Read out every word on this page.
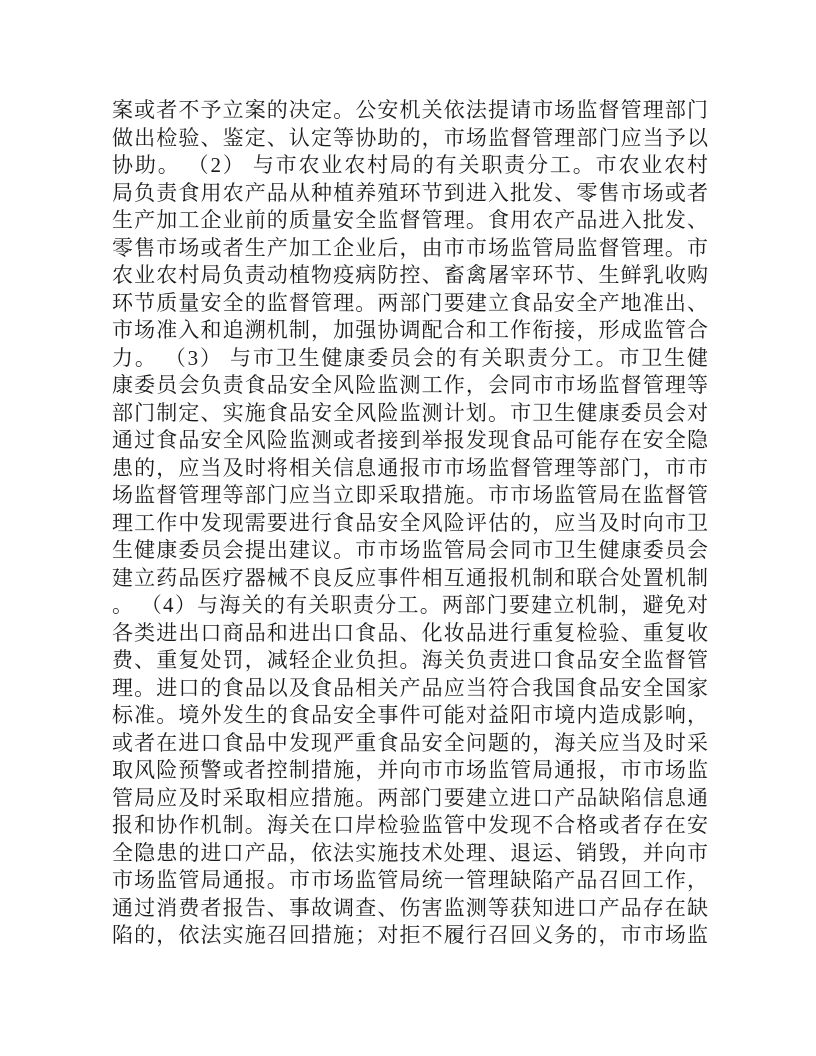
案或者不予立案的决定。公安机关依法提请市场监督管理部门
做出检验、鉴定、认定等协助的，市场监督管理部门应当予以
协助。 （2） 与市农业农村局的有关职责分工。市农业农村
局负责食用农产品从种植养殖环节到进入批发、零售市场或者
生产加工企业前的质量安全监督管理。食用农产品进入批发、
零售市场或者生产加工企业后，由市市场监管局监督管理。市
农业农村局负责动植物疫病防控、畜禽屠宰环节、生鲜乳收购
环节质量安全的监督管理。两部门要建立食品安全产地准出、
市场准入和追溯机制，加强协调配合和工作衔接，形成监管合
力。 （3） 与市卫生健康委员会的有关职责分工。市卫生健
康委员会负责食品安全风险监测工作，会同市市场监督管理等
部门制定、实施食品安全风险监测计划。市卫生健康委员会对
通过食品安全风险监测或者接到举报发现食品可能存在安全隐
患的，应当及时将相关信息通报市市场监督管理等部门，市市
场监督管理等部门应当立即采取措施。市市场监管局在监督管
理工作中发现需要进行食品安全风险评估的，应当及时向市卫
生健康委员会提出建议。市市场监管局会同市卫生健康委员会
建立药品医疗器械不良反应事件相互通报机制和联合处置机制
。 （4）与海关的有关职责分工。两部门要建立机制，避免对
各类进出口商品和进出口食品、化妆品进行重复检验、重复收
费、重复处罚，减轻企业负担。海关负责进口食品安全监督管
理。进口的食品以及食品相关产品应当符合我国食品安全国家
标准。境外发生的食品安全事件可能对益阳市境内造成影响，
或者在进口食品中发现严重食品安全问题的，海关应当及时采
取风险预警或者控制措施，并向市市场监管局通报，市市场监
管局应及时采取相应措施。两部门要建立进口产品缺陷信息通
报和协作机制。海关在口岸检验监管中发现不合格或者存在安
全隐患的进口产品，依法实施技术处理、退运、销毁，并向市
市场监管局通报。市市场监管局统一管理缺陷产品召回工作，
通过消费者报告、事故调查、伤害监测等获知进口产品存在缺
陷的，依法实施召回措施；对拒不履行召回义务的，市市场监
